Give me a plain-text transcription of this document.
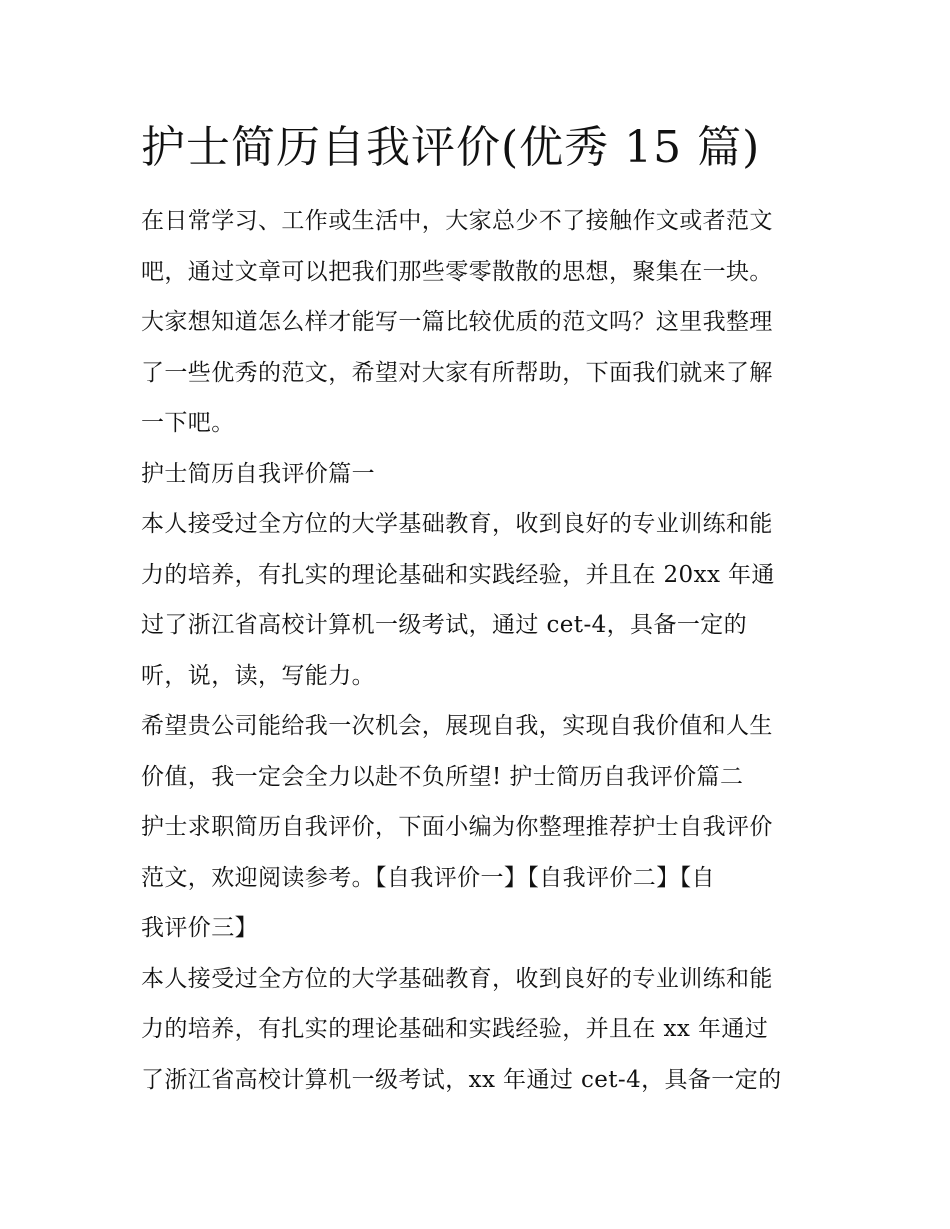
护士简历自我评价(优秀 15 篇)
在日常学习、工作或生活中，大家总少不了接触作文或者范文
吧，通过文章可以把我们那些零零散散的思想，聚集在一块。
大家想知道怎么样才能写一篇比较优质的范文吗？这里我整理
了一些优秀的范文，希望对大家有所帮助，下面我们就来了解
一下吧。
护士简历自我评价篇一
本人接受过全方位的大学基础教育，收到良好的专业训练和能
力的培养，有扎实的理论基础和实践经验，并且在 20xx 年通
过了浙江省高校计算机一级考试，通过 cet-4，具备一定的
听，说，读，写能力。
希望贵公司能给我一次机会，展现自我，实现自我价值和人生
价值，我一定会全力以赴不负所望! 护士简历自我评价篇二
护士求职简历自我评价，下面小编为你整理推荐护士自我评价
范文，欢迎阅读参考。【自我评价一】【自我评价二】【自
我评价三】
本人接受过全方位的大学基础教育，收到良好的专业训练和能
力的培养，有扎实的理论基础和实践经验，并且在 xx 年通过
了浙江省高校计算机一级考试，xx 年通过 cet-4，具备一定的
